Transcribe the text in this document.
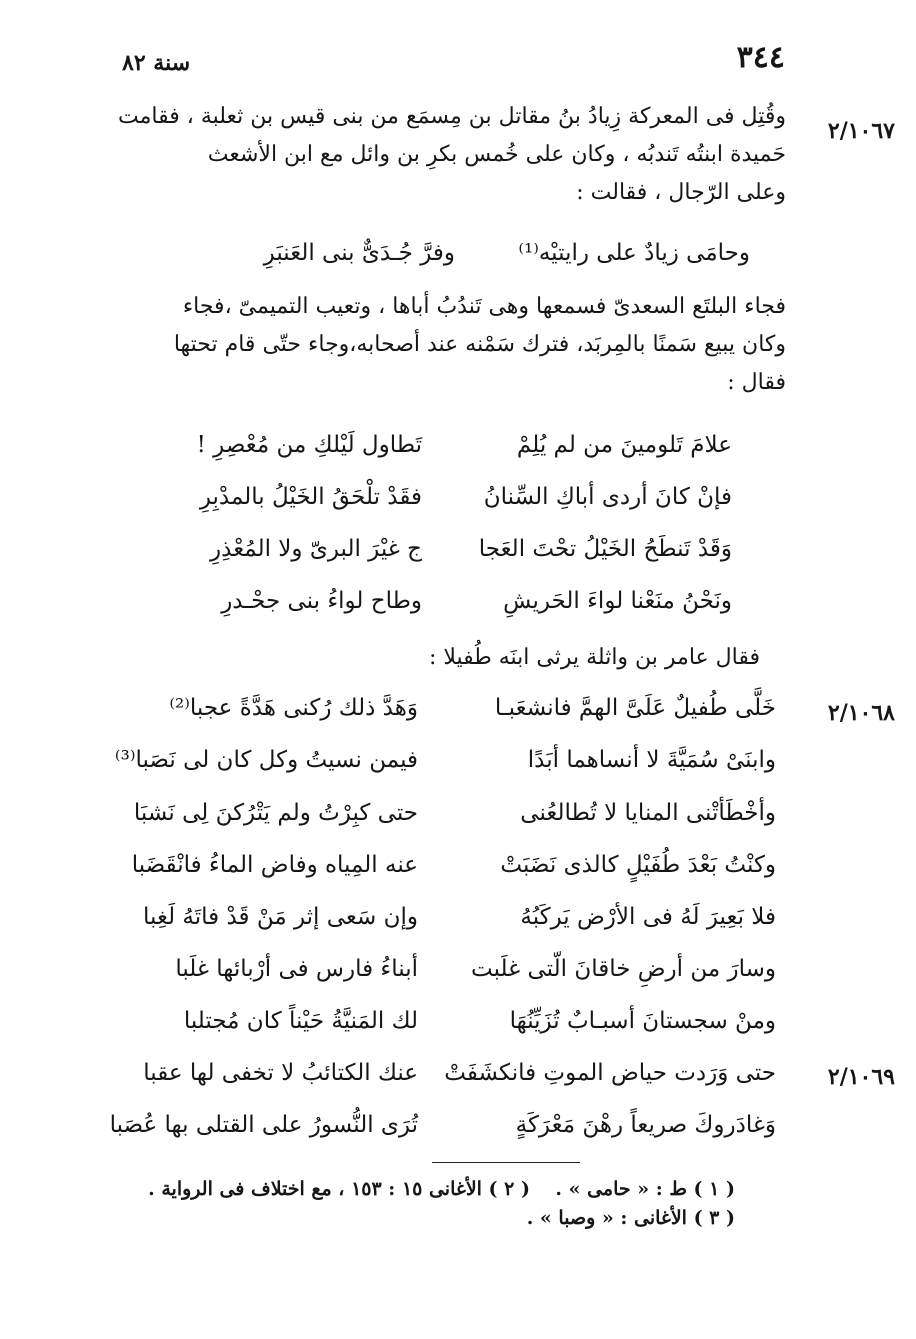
٣٤٤
سنة ٨٢
٢/١٠٦٧
٢/١٠٦٨
٢/١٠٦٩
وقُتِل فى المعركة زِيادُ بنُ مقاتل بن مِسمَع من بنى قيس بن ثعلبة ، فقامت
حَميدة ابنتُه تَندبُه ، وكان على خُمس بكرِ بن وائل مع ابن الأشعث
وعلى الرّجال ، فقالت :
وحامَى زيادٌ على رايتيْه⁽¹⁾
وفرَّ جُـدَىٌّ بنى العَنبَرِ
فجاء البلتَع السعدىّ فسمعها وهى تَندُبُ أباها ، وتعيب التميمىّ ،فجاء
وكان يبيع سَمنًا بالمِربَد، فترك سَمْنه عند أصحابه،وجاء حتّى قام تحتها
فقال :
علامَ تَلومينَ من لم يُلِمْ
تَطاول لَيْلكِ من مُعْصِرِ !
فإنْ كانَ أردى أباكِ السِّنانُ
فقَدْ تلْحَقُ الخَيْلُ بالمدْبِرِ
وَقَدْ تَنطَحُ الخَيْلُ تحْتَ العَجا
ج غيْرَ البرىّ ولا المُعْذِرِ
ونَحْنُ منَعْنا لواءَ الحَريشِ
وطاح لواءُ بنى جحْـدرِ
فقال عامر بن واثلة يرثى ابنَه طُفيلا :
خَلَّى طُفيلٌ عَلَىَّ الهمَّ فانشعَبـا
وَهَدَّ ذلك رُكنى هَدَّةً عجبا⁽²⁾
وابنَىْ سُمَيَّةَ لا أنساهما أبَدًا
فيمن نسيتُ وكل كان لى نَصَبا⁽³⁾
وأخْطَأتْنى المنايا لا تُطالعُنى
حتى كبِرْتُ ولم يَتْرُكنَ لِى نَشبَا
وكنْتُ بَعْدَ طُفَيْلٍ كالذى نَضَبَتْ
عنه المِياه وفاض الماءُ فانْقَضَبا
فلا بَعِيرَ لَهُ فى الأرْض يَركَبُهُ
وإن سَعى إثر مَنْ قَدْ فاتَهُ لَغِبا
وسارَ من أرضِ خاقانَ الّتى غلَبت
أبناءُ فارس فى أرْبائها غلَبا
ومنْ سجستانَ أسبـابٌ تُزَيِّنُهَا
لك المَنيَّةُ حَيْناً كان مُجتلبا
حتى وَرَدت حياض الموتِ فانكشَفَتْ
عنك الكتائبُ لا تخفى لها عقبا
وَغادَروكَ صريعاً رهْنَ مَعْرَكَةٍ
تُرَى النُّسورُ على القتلى بها عُصَبا
( ١ ) ط : « حامى » .
( ٢ ) الأغانى ١٥ : ١٥٣ ، مع اختلاف فى الرواية .
( ٣ ) الأغانى : « وصبا » .
